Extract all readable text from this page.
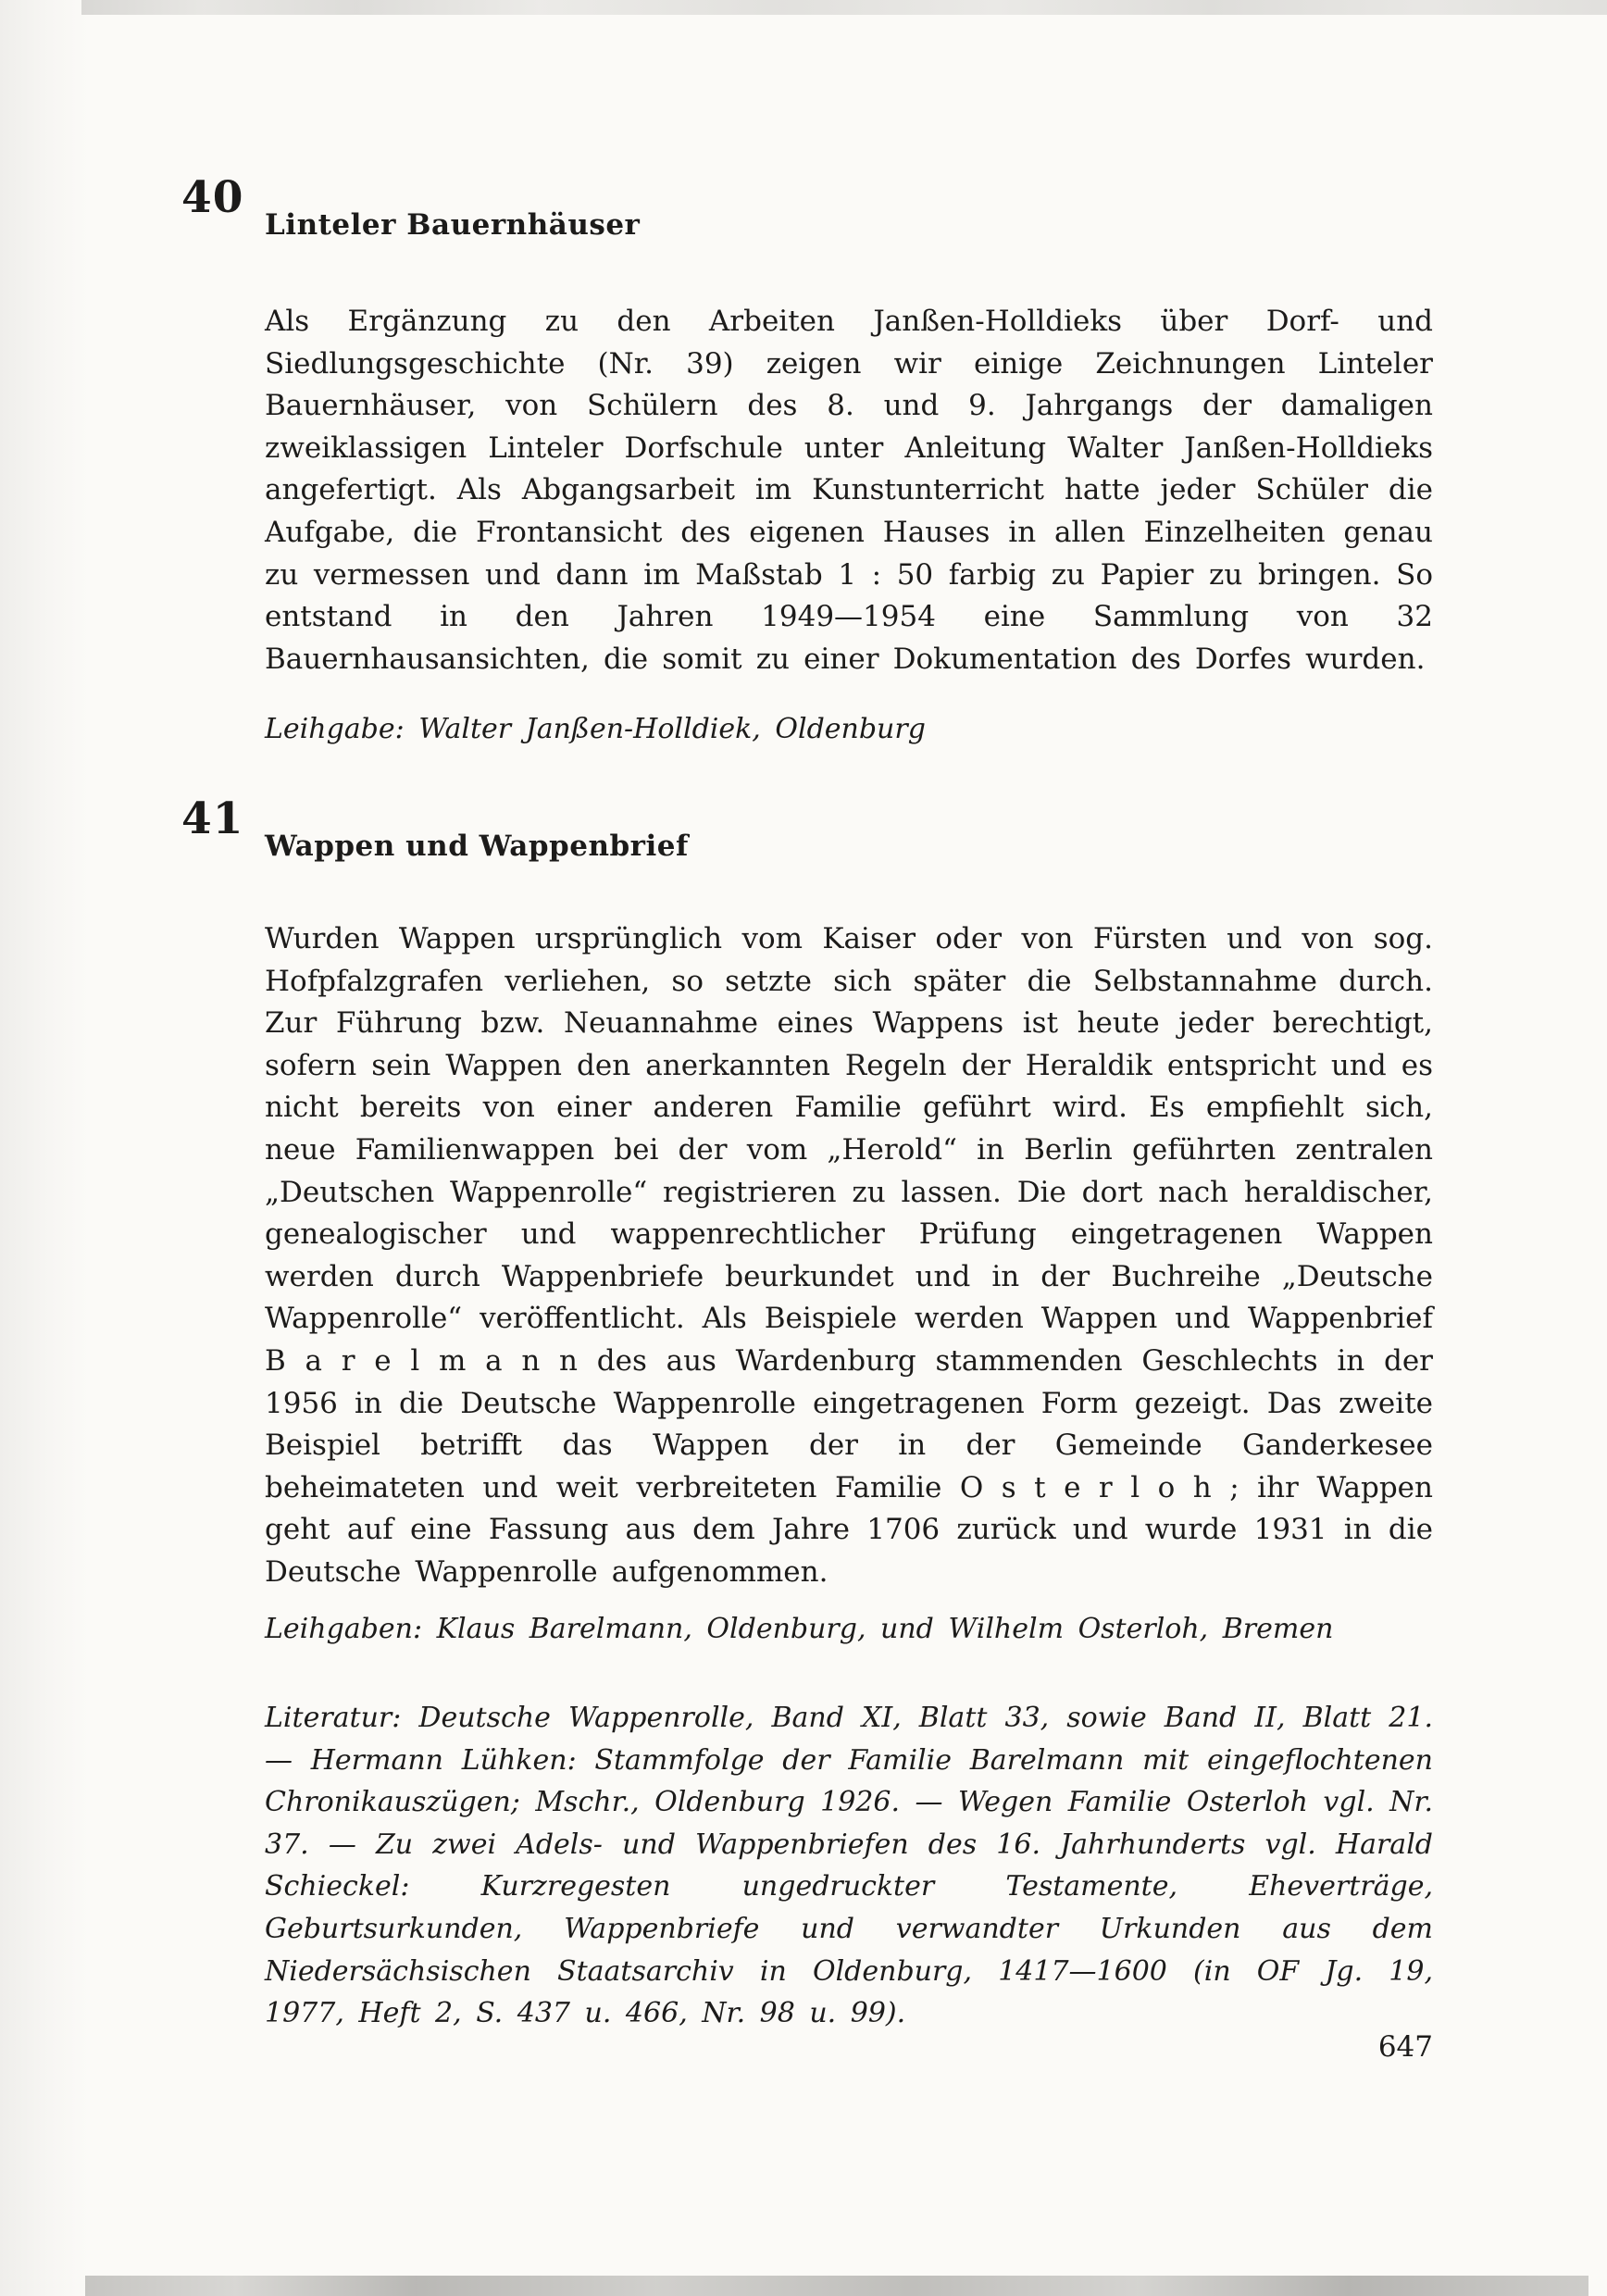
40
Linteler Bauernhäuser

Als Ergänzung zu den Arbeiten Janßen-Holldieks über Dorf- und Siedlungsgeschichte (Nr. 39) zeigen wir einige Zeichnungen Linteler Bauernhäuser, von Schülern des 8. und 9. Jahrgangs der damaligen zweiklassigen Linteler Dorfschule unter Anleitung Walter Janßen-Holldieks angefertigt. Als Abgangsarbeit im Kunstunterricht hatte jeder Schüler die Aufgabe, die Frontansicht des eigenen Hauses in allen Einzelheiten genau zu vermessen und dann im Maßstab 1 : 50 farbig zu Papier zu bringen. So entstand in den Jahren 1949—1954 eine Sammlung von 32 Bauernhausansichten, die somit zu einer Dokumentation des Dorfes wurden.

Leihgabe: Walter Janßen-Holldiek, Oldenburg

41
Wappen und Wappenbrief

Wurden Wappen ursprünglich vom Kaiser oder von Fürsten und von sog. Hofpfalzgrafen verliehen, so setzte sich später die Selbstannahme durch. Zur Führung bzw. Neuannahme eines Wappens ist heute jeder berechtigt, sofern sein Wappen den anerkannten Regeln der Heraldik entspricht und es nicht bereits von einer anderen Familie geführt wird. Es empfiehlt sich, neue Familienwappen bei der vom „Herold“ in Berlin geführten zentralen „Deutschen Wappenrolle“ registrieren zu lassen. Die dort nach heraldischer, genealogischer und wappenrechtlicher Prüfung eingetragenen Wappen werden durch Wappenbriefe beurkundet und in der Buchreihe „Deutsche Wappenrolle“ veröffentlicht. Als Beispiele werden Wappen und Wappenbrief B a r e l m a n n des aus Wardenburg stammenden Geschlechts in der 1956 in die Deutsche Wappenrolle eingetragenen Form gezeigt. Das zweite Beispiel betrifft das Wappen der in der Gemeinde Ganderkesee beheimateten und weit verbreiteten Familie O s t e r l o h ; ihr Wappen geht auf eine Fassung aus dem Jahre 1706 zurück und wurde 1931 in die Deutsche Wappenrolle aufgenommen.

Leihgaben: Klaus Barelmann, Oldenburg, und Wilhelm Osterloh, Bremen

Literatur: Deutsche Wappenrolle, Band XI, Blatt 33, sowie Band II, Blatt 21. — Hermann Lühken: Stammfolge der Familie Barelmann mit eingeflochtenen Chronikauszügen; Mschr., Oldenburg 1926. — Wegen Familie Osterloh vgl. Nr. 37. — Zu zwei Adels- und Wappenbriefen des 16. Jahrhunderts vgl. Harald Schieckel: Kurzregesten ungedruckter Testamente, Eheverträge, Geburtsurkunden, Wappenbriefe und verwandter Urkunden aus dem Niedersächsischen Staatsarchiv in Oldenburg, 1417—1600 (in OF Jg. 19, 1977, Heft 2, S. 437 u. 466, Nr. 98 u. 99).

647
